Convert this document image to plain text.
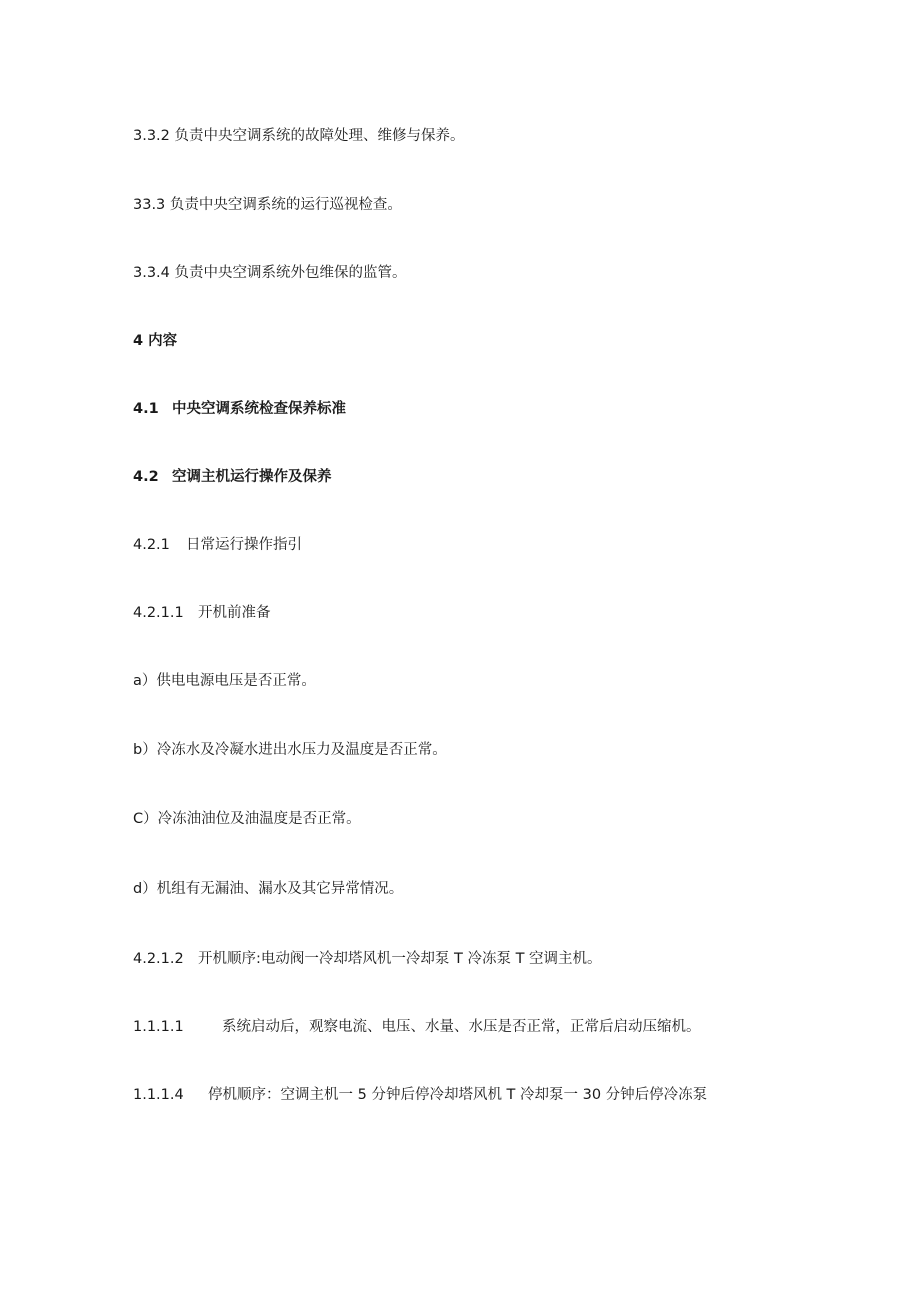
3.3.2 负责中央空调系统的故障处理、维修与保养。
33.3 负责中央空调系统的运行巡视检查。
3.3.4 负责中央空调系统外包维保的监管。
4 内容
4.1 中央空调系统检查保养标准
4.2 空调主机运行操作及保养
4.2.1 日常运行操作指引
4.2.1.1 开机前准备
a）供电电源电压是否正常。
b）冷冻水及冷凝水进出水压力及温度是否正常。
C）冷冻油油位及油温度是否正常。
d）机组有无漏油、漏水及其它异常情况。
4.2.1.2 开机顺序:电动阀一冷却塔风机一冷却泵 T 冷冻泵 T 空调主机。
1.1.1.1	系统启动后，观察电流、电压、水量、水压是否正常，正常后启动压缩机。
1.1.1.4 停机顺序：空调主机一 5 分钟后停冷却塔风机 T 冷却泵一 30 分钟后停冷冻泵
